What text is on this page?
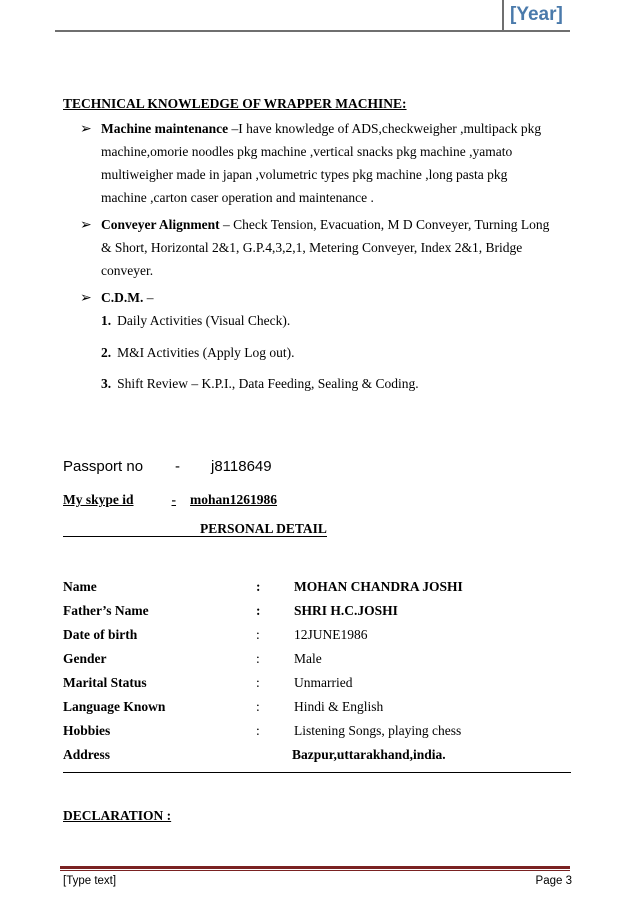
[Year]
TECHNICAL KNOWLEDGE OF WRAPPER MACHINE:
➢ Machine maintenance –I have knowledge of ADS,checkweigher ,multipack pkg
machine,omorie noodles pkg machine ,vertical snacks pkg machine ,yamato
multiweigher made in japan ,volumetric types pkg machine ,long pasta pkg
machine ,carton caser operation and maintenance .
➢ Conveyer Alignment – Check Tension, Evacuation, M D Conveyer, Turning Long
& Short, Horizontal 2&1, G.P.4,3,2,1, Metering Conveyer, Index 2&1, Bridge
conveyer.
➢ C.D.M. –
1. Daily Activities (Visual Check).
2. M&I Activities (Apply Log out).
3. Shift Review – K.P.I., Data Feeding, Sealing & Coding.
Passport no - j8118649
My skype id	- mohan1261986
PERSONAL DETAIL
Name	: MOHAN CHANDRA JOSHI
Father’s Name	: SHRI H.C.JOSHI
Date of birth	:	12JUNE1986
Gender	:	Male
Marital Status	:	Unmarried
Language Known	:	Hindi & English
Hobbies	:	Listening Songs, playing chess
Address	Bazpur,uttarakhand,india.
DECLARATION :
[Type text]	Page 3
